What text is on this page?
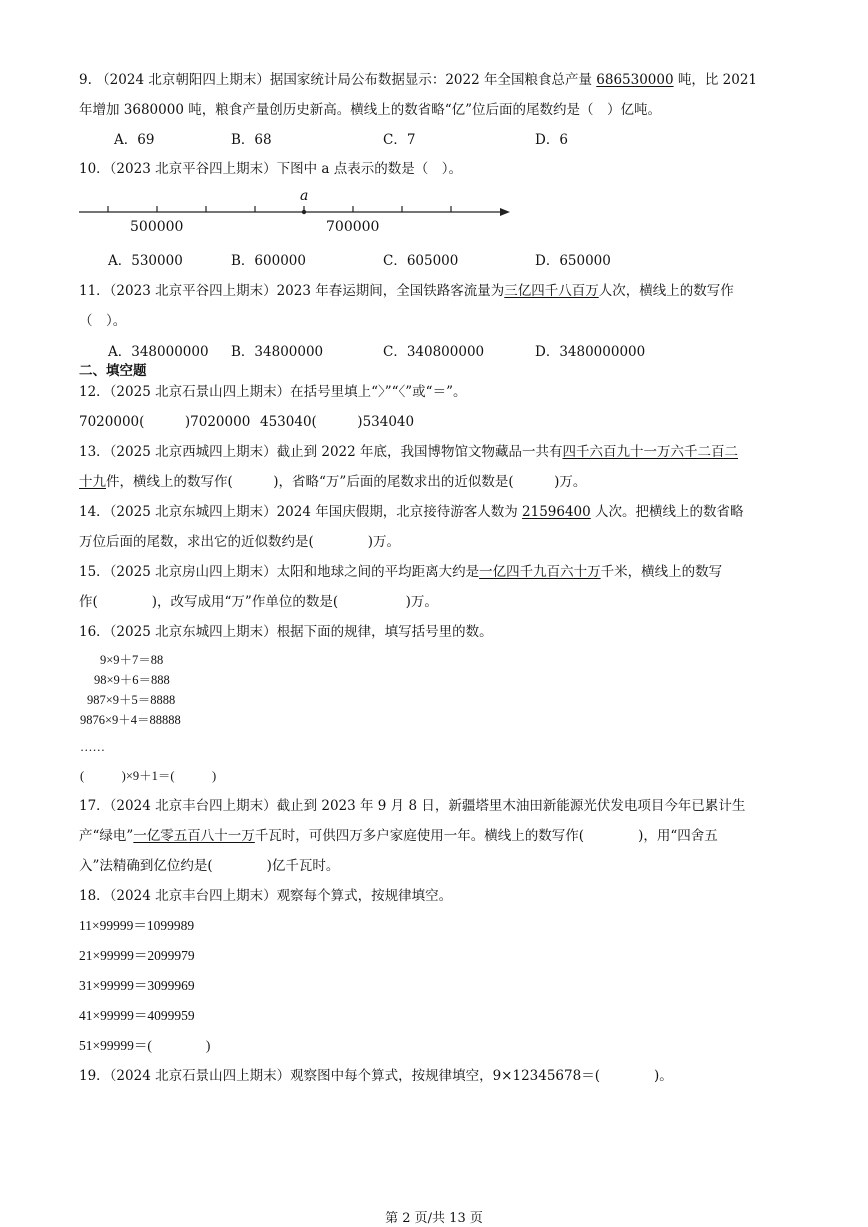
9. （2024 北京朝阳四上期末）据国家统计局公布数据显示：2022 年全国粮食总产量 686530000 吨，比 2021
年增加 3680000 吨，粮食产量创历史新高。横线上的数省略“亿”位后面的尾数约是（　）亿吨。
A．69	B．68	C．7	D．6
10．（2023 北京平谷四上期末）下图中 a 点表示的数是（　）。
a
500000	700000
A．530000	B．600000	C．605000	D．650000
11．（2023 北京平谷四上期末）2023 年春运期间，全国铁路客流量为三亿四千八百万人次，横线上的数写作
（　）。
A．348000000 B．34800000	C．340800000	D．3480000000
二、填空题
12．（2025 北京石景山四上期末）在括号里填上“〉”“〈”或“＝”。
7020000(　　　)7020000 453040(　　　)534040
13．（2025 北京西城四上期末）截止到 2022 年底，我国博物馆文物藏品一共有四千六百九十一万六千二百二
十九件，横线上的数写作(　　　)，省略“万”后面的尾数求出的近似数是(　　　)万。
14．（2025 北京东城四上期末）2024 年国庆假期，北京接待游客人数为 21596400 人次。把横线上的数省略
万位后面的尾数，求出它的近似数约是(　　　　)万。
15．（2025 北京房山四上期末）太阳和地球之间的平均距离大约是一亿四千九百六十万千米，横线上的数写
作(　　　　)，改写成用“万”作单位的数是(　　　　　)万。
16．（2025 北京东城四上期末）根据下面的规律，填写括号里的数。
9×9＋7＝88
98×9＋6＝888
987×9＋5＝8888
9876×9＋4＝88888
……
(　　　)×9＋1＝(　　　)
17．（2024 北京丰台四上期末）截止到 2023 年 9 月 8 日，新疆塔里木油田新能源光伏发电项目今年已累计生
产“绿电”一亿零五百八十一万千瓦时，可供四万多户家庭使用一年。横线上的数写作(　　　　)，用“四舍五
入”法精确到亿位约是(　　　　)亿千瓦时。
18．（2024 北京丰台四上期末）观察每个算式，按规律填空。
11×99999＝1099989
21×99999＝2099979
31×99999＝3099969
41×99999＝4099959
51×99999＝(　　　　)
19．（2024 北京石景山四上期末）观察图中每个算式，按规律填空，9×12345678＝(　　　　)。
第 2 页/共 13 页
